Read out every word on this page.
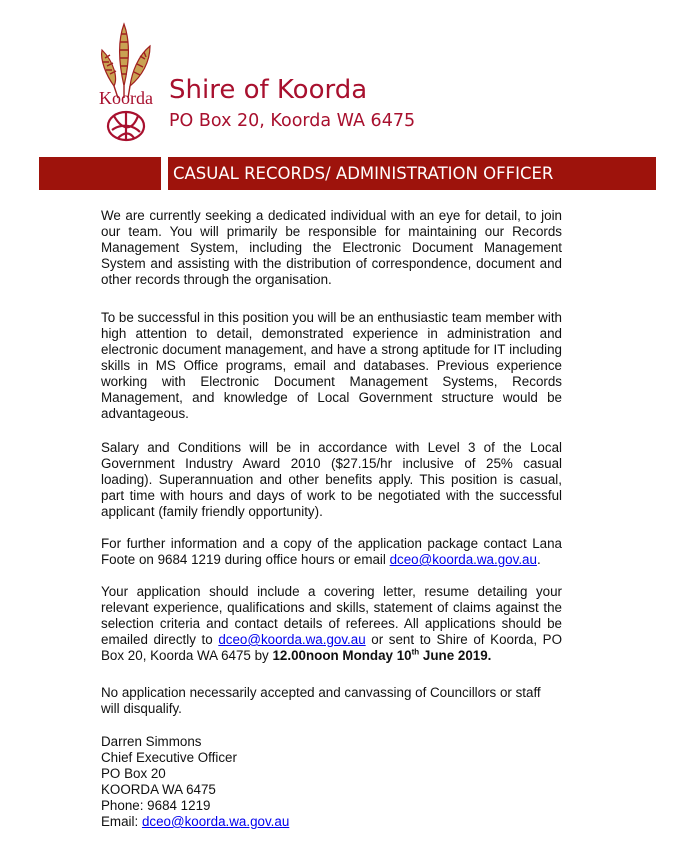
Koorda Shire of Koorda
PO Box 20, Koorda WA 6475
CASUAL RECORDS/ ADMINISTRATION OFFICER

We are currently seeking a dedicated individual with an eye for detail, to join our team. You will primarily be responsible for maintaining our Records Management System, including the Electronic Document Management System and assisting with the distribution of correspondence, document and other records through the organisation.

To be successful in this position you will be an enthusiastic team member with high attention to detail, demonstrated experience in administration and electronic document management, and have a strong aptitude for IT including skills in MS Office programs, email and databases. Previous experience working with Electronic Document Management Systems, Records Management, and knowledge of Local Government structure would be advantageous.

Salary and Conditions will be in accordance with Level 3 of the Local Government Industry Award 2010 ($27.15/hr inclusive of 25% casual loading). Superannuation and other benefits apply. This position is casual, part time with hours and days of work to be negotiated with the successful applicant (family friendly opportunity).

For further information and a copy of the application package contact Lana Foote on 9684 1219 during office hours or email dceo@koorda.wa.gov.au.

Your application should include a covering letter, resume detailing your relevant experience, qualifications and skills, statement of claims against the selection criteria and contact details of referees. All applications should be emailed directly to dceo@koorda.wa.gov.au or sent to Shire of Koorda, PO Box 20, Koorda WA 6475 by 12.00noon Monday 10th June 2019.

No application necessarily accepted and canvassing of Councillors or staff will disqualify.

Darren Simmons
Chief Executive Officer
PO Box 20
KOORDA WA 6475
Phone: 9684 1219
Email: dceo@koorda.wa.gov.au
